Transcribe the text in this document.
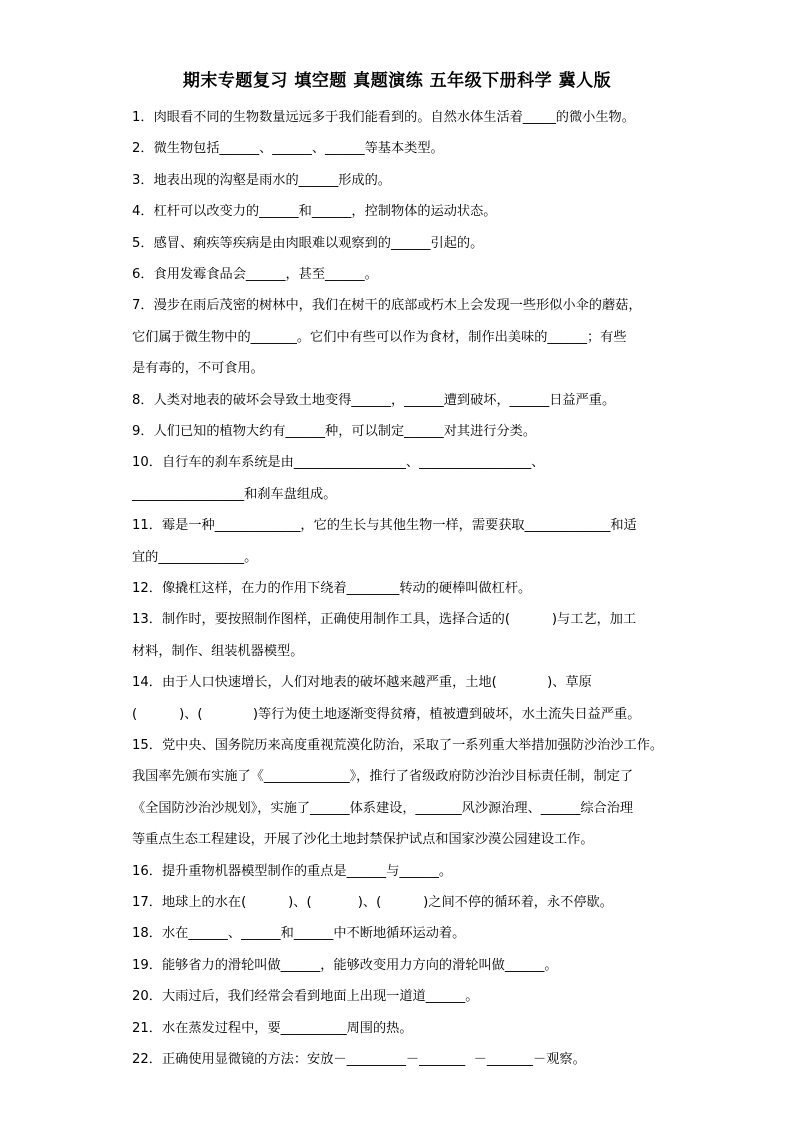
期末专题复习 填空题 真题演练 五年级下册科学 冀人版
1．肉眼看不同的生物数量远远多于我们能看到的。自然水体生活着_____的微小生物。
2．微生物包括______、______、______等基本类型。
3．地表出现的沟壑是雨水的______形成的。
4．杠杆可以改变力的______和______，控制物体的运动状态。
5．感冒、痢疾等疾病是由肉眼难以观察到的______引起的。
6．食用发霉食品会______，甚至______。
7．漫步在雨后茂密的树林中，我们在树干的底部或朽木上会发现一些形似小伞的蘑菇，
它们属于微生物中的_______。它们中有些可以作为食材，制作出美味的______；有些
是有毒的，不可食用。
8．人类对地表的破坏会导致土地变得______，______遭到破坏，______日益严重。
9．人们已知的植物大约有______种，可以制定______对其进行分类。
10．自行车的刹车系统是由_________________、_________________、
_________________和刹车盘组成。
11．霉是一种_____________，它的生长与其他生物一样，需要获取_____________和适
宜的_____________。
12．像撬杠这样，在力的作用下绕着________转动的硬棒叫做杠杆。
13．制作时，要按照制作图样，正确使用制作工具，选择合适的(          )与工艺，加工
材料，制作、组装机器模型。
14．由于人口快速增长，人们对地表的破坏越来越严重，土地(            )、草原
(          )、(            )等行为使土地逐渐变得贫瘠，植被遭到破坏，水土流失日益严重。
15．党中央、国务院历来高度重视荒漠化防治，采取了一系列重大举措加强防沙治沙工作。
我国率先颁布实施了《_____________》，推行了省级政府防沙治沙目标责任制，制定了
《全国防沙治沙规划》，实施了______体系建设，_______风沙源治理、______综合治理
等重点生态工程建设，开展了沙化土地封禁保护试点和国家沙漠公园建设工作。
16．提升重物机器模型制作的重点是______与______。
17．地球上的水在(          )、(           )、(          )之间不停的循环着，永不停歇。
18．水在______、______和______中不断地循环运动着。
19．能够省力的滑轮叫做______，能够改变用力方向的滑轮叫做______。
20．大雨过后，我们经常会看到地面上出现一道道______。
21．水在蒸发过程中，要__________周围的热。
22．正确使用显微镜的方法：安放－_________－_______  －_______－观察。
